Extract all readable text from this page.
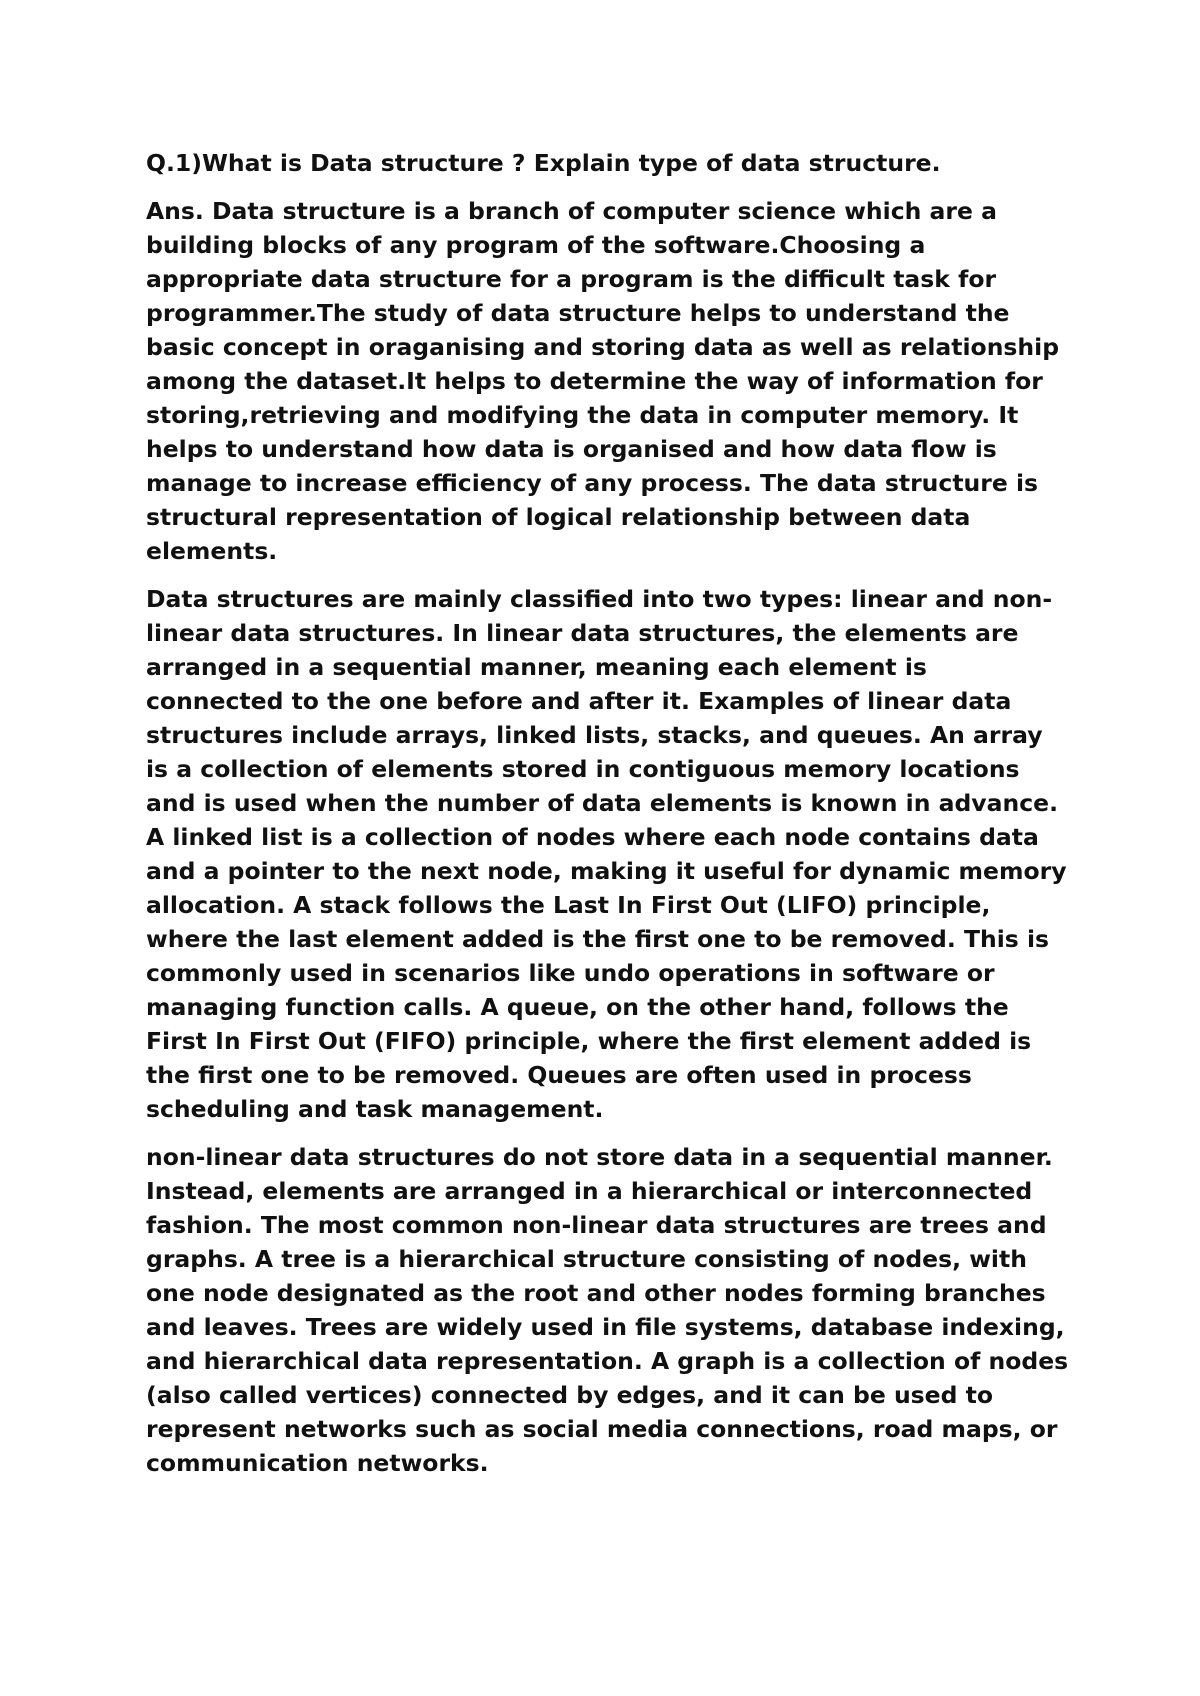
Q.1)What is Data structure ? Explain type of data structure.

Ans. Data structure is a branch of computer science which are a building blocks of any program of the software.Choosing a appropriate data structure for a program is the difficult task for programmer.The study of data structure helps to understand the basic concept in oraganising and storing data as well as relationship among the dataset.It helps to determine the way of information for storing,retrieving and modifying the data in computer memory. It helps to understand how data is organised and how data flow is manage to increase efficiency of any process. The data structure is structural representation of logical relationship between data elements.

Data structures are mainly classified into two types: linear and non-linear data structures. In linear data structures, the elements are arranged in a sequential manner, meaning each element is connected to the one before and after it. Examples of linear data structures include arrays, linked lists, stacks, and queues. An array is a collection of elements stored in contiguous memory locations and is used when the number of data elements is known in advance. A linked list is a collection of nodes where each node contains data and a pointer to the next node, making it useful for dynamic memory allocation. A stack follows the Last In First Out (LIFO) principle, where the last element added is the first one to be removed. This is commonly used in scenarios like undo operations in software or managing function calls. A queue, on the other hand, follows the First In First Out (FIFO) principle, where the first element added is the first one to be removed. Queues are often used in process scheduling and task management.

non-linear data structures do not store data in a sequential manner. Instead, elements are arranged in a hierarchical or interconnected fashion. The most common non-linear data structures are trees and graphs. A tree is a hierarchical structure consisting of nodes, with one node designated as the root and other nodes forming branches and leaves. Trees are widely used in file systems, database indexing, and hierarchical data representation. A graph is a collection of nodes (also called vertices) connected by edges, and it can be used to represent networks such as social media connections, road maps, or communication networks.
